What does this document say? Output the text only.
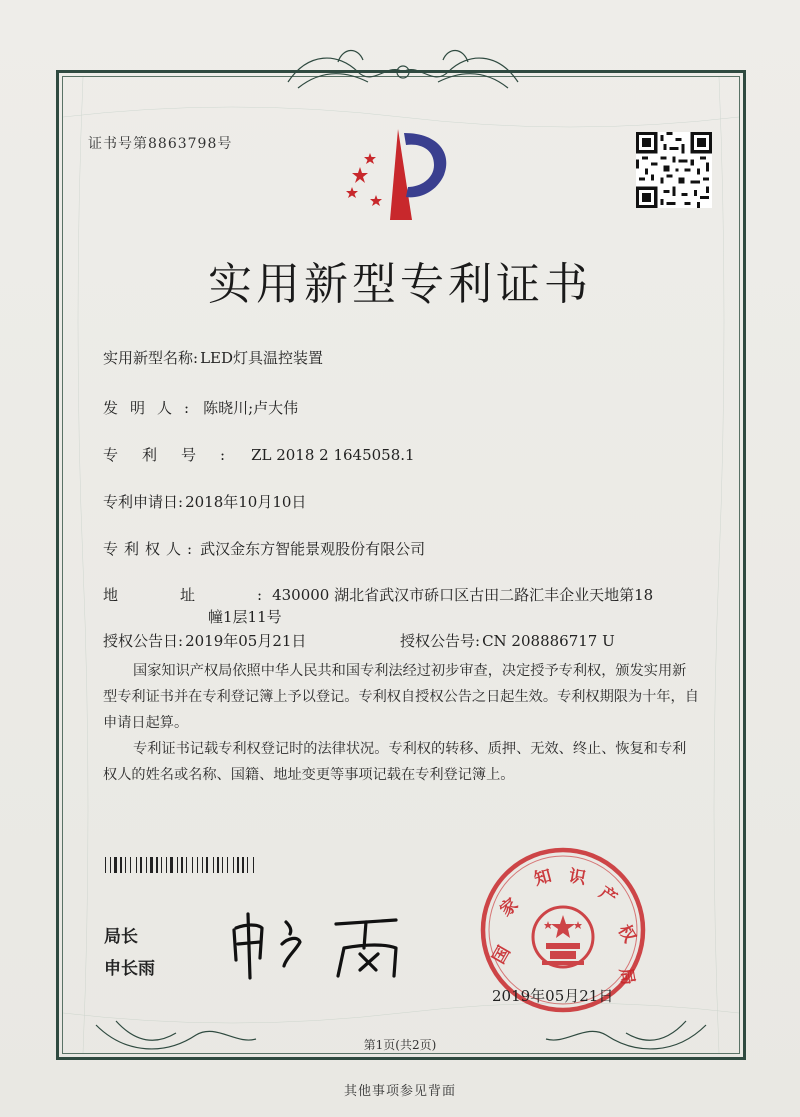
证书号第8863798号
实用新型专利证书
实用新型名称: LED灯具温控装置
发明人: 陈晓川;卢大伟
专利号: ZL 2018 2 1645058.1
专利申请日: 2018年10月10日
专利权人: 武汉金东方智能景观股份有限公司
地址:430000 湖北省武汉市硚口区古田二路汇丰企业天地第18
幢1层11号
授权公告日: 2019年05月21日	授权公告号: CN 208886717 U
国家知识产权局依照中华人民共和国专利法经过初步审查，决定授予专利权，颁发实用新型专利证书并在专利登记簿上予以登记。专利权自授权公告之日起生效。专利权期限为十年，自申请日起算。
专利证书记载专利权登记时的法律状况。专利权的转移、质押、无效、终止、恢复和专利权人的姓名或名称、国籍、地址变更等事项记载在专利登记簿上。
局长
申长雨
国
家
知 识
产
权
局
2019年05月21日
第1页(共2页)
其他事项参见背面
